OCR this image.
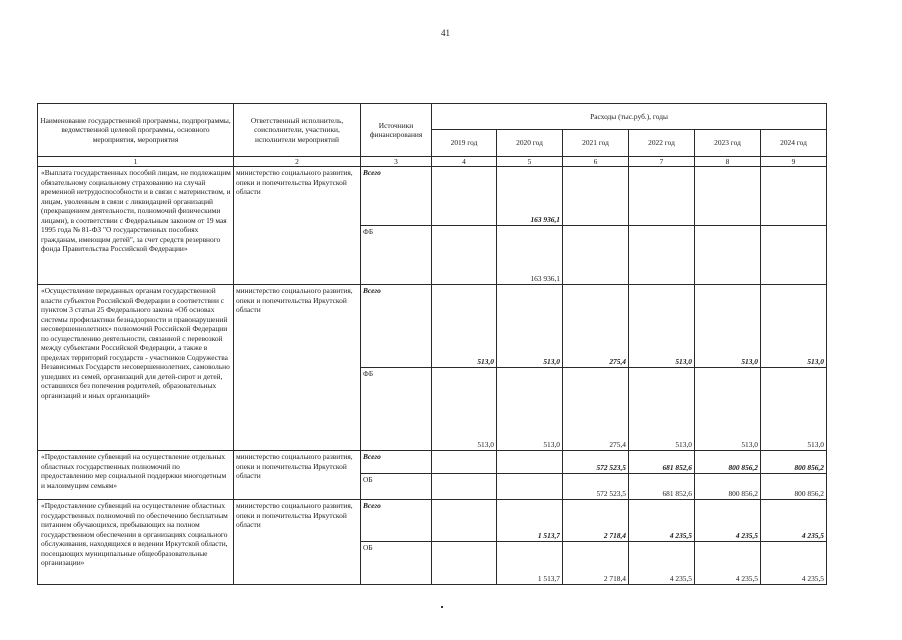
41
Наименование государственной программы, подпрограммы, ведомственной целевой программы, основного мероприятия, мероприятия	Ответственный исполнитель, соисполнители, участники, исполнители мероприятий	Источники финансирования	Расходы (тыс.руб.), годы					
			2019 год	2020 год	2021 год	2022 год	2023 год	2024 год
1	2	3	4	5	6	7	8	9
«Выплата государственных пособий лицам, не подлежащим обязательному социальному страхованию на случай временной нетрудоспособности и в связи с материнством, и лицам, уволенным в связи с ликвидацией организаций (прекращением деятельности, полномочий физическими лицами), в соответствии с Федеральным законом от 19 мая 1995 года № 81-ФЗ "О государственных пособиях гражданам, имеющим детей", за счет средств резервного фонда Правительства Российской Федерации»	министерство социального развития, опеки и попечительства Иркутской области	Всего		163 936,1				
		ФБ		163 936,1				
«Осуществление переданных органам государственной власти субъектов Российской Федерации в соответствии с пунктом 3 статьи 25 Федерального закона «Об основах системы профилактики безнадзорности и правонарушений несовершеннолетних» полномочий Российской Федерации по осуществлению деятельности, связанной с перевозкой между субъектами Российской Федерации, а также в пределах территорий государств - участников Содружества Независимых Государств несовершеннолетних, самовольно ушедших из семей, организаций для детей-сирот и детей, оставшихся без попечения родителей, образовательных организаций и иных организаций»	министерство социального развития, опеки и попечительства Иркутской области	Всего	513,0	513,0	275,4	513,0	513,0	513,0
		ФБ	513,0	513,0	275,4	513,0	513,0	513,0
«Предоставление субвенций на осуществление отдельных областных государственных полномочий по предоставлению мер социальной поддержки многодетным и малоимущим семьям»	министерство социального развития, опеки и попечительства Иркутской области	Всего			572 523,5	681 852,6	800 856,2	800 856,2
		ОБ			572 523,5	681 852,6	800 856,2	800 856,2
«Предоставление субвенций на осуществление областных государственных полномочий по обеспечению бесплатным питанием обучающихся, пребывающих на полном государственном обеспечении в организациях социального обслуживания, находящихся в ведении Иркутской области, посещающих муниципальные общеобразовательные организации»	министерство социального развития, опеки и попечительства Иркутской области	Всего		1 513,7	2 718,4	4 235,5	4 235,5	4 235,5
		ОБ		1 513,7	2 718,4	4 235,5	4 235,5	4 235,5
